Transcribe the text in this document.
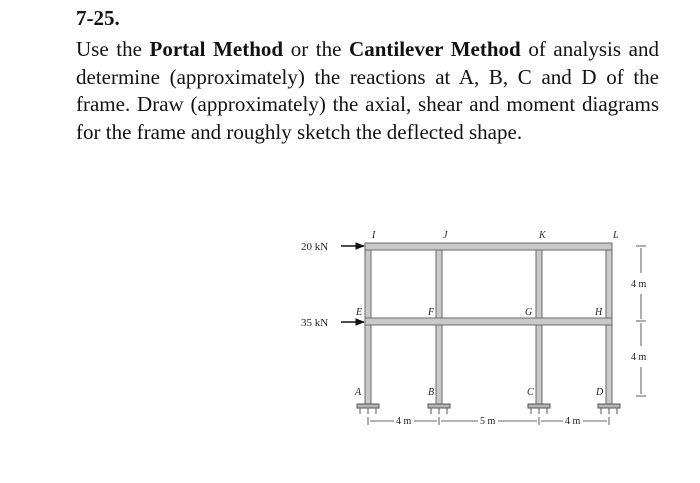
7-25.

Use the Portal Method or the Cantilever Method of analysis and determine (approximately) the reactions at A, B, C and D of the frame. Draw (approximately) the axial, shear and moment diagrams for the frame and roughly sketch the deflected shape.

I	J	K	L
E	F	G	H
A	B	C	D
20 kN
35 kN
4 m	5 m	4 m
4 m
4 m
